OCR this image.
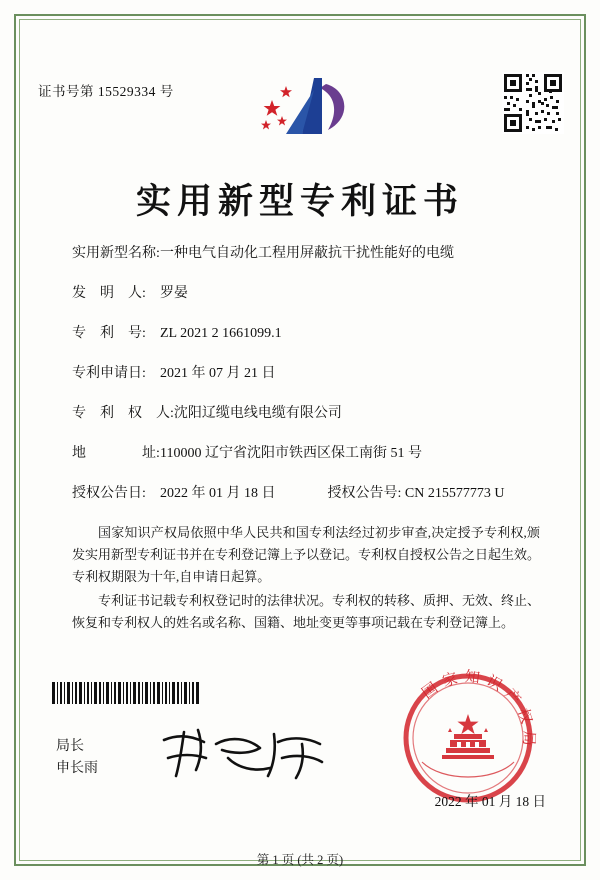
证书号第 15529334 号
实用新型专利证书
实用新型名称:一种电气自动化工程用屏蔽抗干扰性能好的电缆
发　明　人: 罗晏
专　利　号: ZL 2021 2 1661099.1
专利申请日: 2021 年 07 月 21 日
专　利　权　人:沈阳辽缆电线电缆有限公司
地　　　　址:110000 辽宁省沈阳市铁西区保工南街 51 号
授权公告日: 2022 年 01 月 18 日	授权公告号: CN 215577773 U

国家知识产权局依照中华人民共和国专利法经过初步审查,决定授予专利权,颁发实用新型专利证书并在专利登记簿上予以登记。专利权自授权公告之日起生效。专利权期限为十年,自申请日起算。

专利证书记载专利权登记时的法律状况。专利权的转移、质押、无效、终止、恢复和专利权人的姓名或名称、国籍、地址变更等事项记载在专利登记簿上。

局长
申长雨
国家知识产权局
2022 年 01 月 18 日
第 1 页 (共 2 页)
